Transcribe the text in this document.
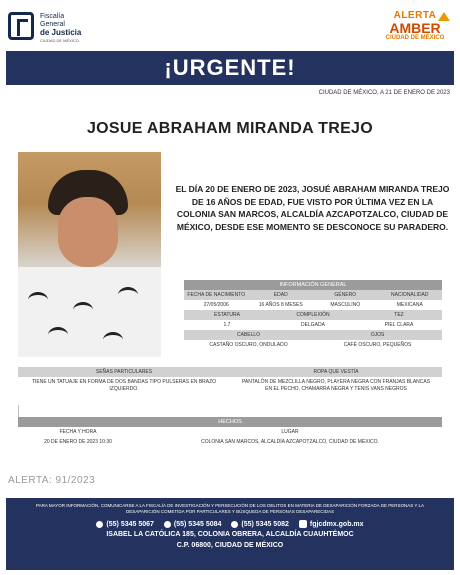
Fiscalía
General
de Justicia
CIUDAD DE MÉXICO
ALERTA
AMBER
CIUDAD DE MÉXICO
¡URGENTE!
CIUDAD DE MÉXICO, A 21 DE ENERO DE 2023
JOSUE ABRAHAM MIRANDA TREJO
EL DÍA 20 DE ENERO DE 2023, JOSUÉ ABRAHAM MIRANDA TREJO DE 16 AÑOS DE EDAD, FUE VISTO POR ÚLTIMA VEZ EN LA COLONIA SAN MARCOS, ALCALDÍA AZCAPOTZALCO, CIUDAD DE MÉXICO, DESDE ESE MOMENTO SE DESCONOCE SU PARADERO.
INFORMACIÓN GENERAL
FECHA DE NACIMIENTO	EDAD	GÉNERO	NACIONALIDAD
27/05/2006	16 AÑOS 8 MESES	MASCULINO	MEXICANA
ESTATURA	COMPLEXIÓN	TEZ
1.7	DELGADA	PIEL CLARA
CABELLO	OJOS
CASTAÑO OSCURO, ONDULADO	CAFÉ OSCURO, PEQUEÑOS
SEÑAS PARTICULARES	ROPA QUE VESTÍA
TIENE UN TATUAJE EN FORMA DE DOS BANDAS TIPO PULSERAS EN BRAZO IZQUIERDO.
PANTALÓN DE MEZCLILLA NEGRO, PLAYERA NEGRA CON FRANJAS BLANCAS EN EL PECHO, CHAMARRA NEGRA Y TENIS VANS NEGROS
HECHOS
FECHA Y HORA	LUGAR
20 DE ENERO DE 2023 10:30	COLONIA SAN MARCOS, ALCALDÍA AZCAPOTZALCO, CIUDAD DE MÉXICO.
ALERTA: 91/2023
PARA MAYOR INFORMACIÓN, COMUNICARSE A LA FISCALÍA DE INVESTIGACIÓN Y PERSECUCIÓN DE LOS DELITOS EN MATERIA DE DESAPARICIÓN FORZADA DE PERSONAS Y LA DESAPARICIÓN COMETIDA POR PARTICULARES Y BÚSQUEDA DE PERSONAS DESAPARECIDAS
(55) 5345 5067	(55) 5345 5084	(55) 5345 5082	fgjcdmx.gob.mx
ISABEL LA CATÓLICA 185, COLONIA OBRERA, ALCALDÍA CUAUHTÉMOC
C.P. 06800, CIUDAD DE MÉXICO
